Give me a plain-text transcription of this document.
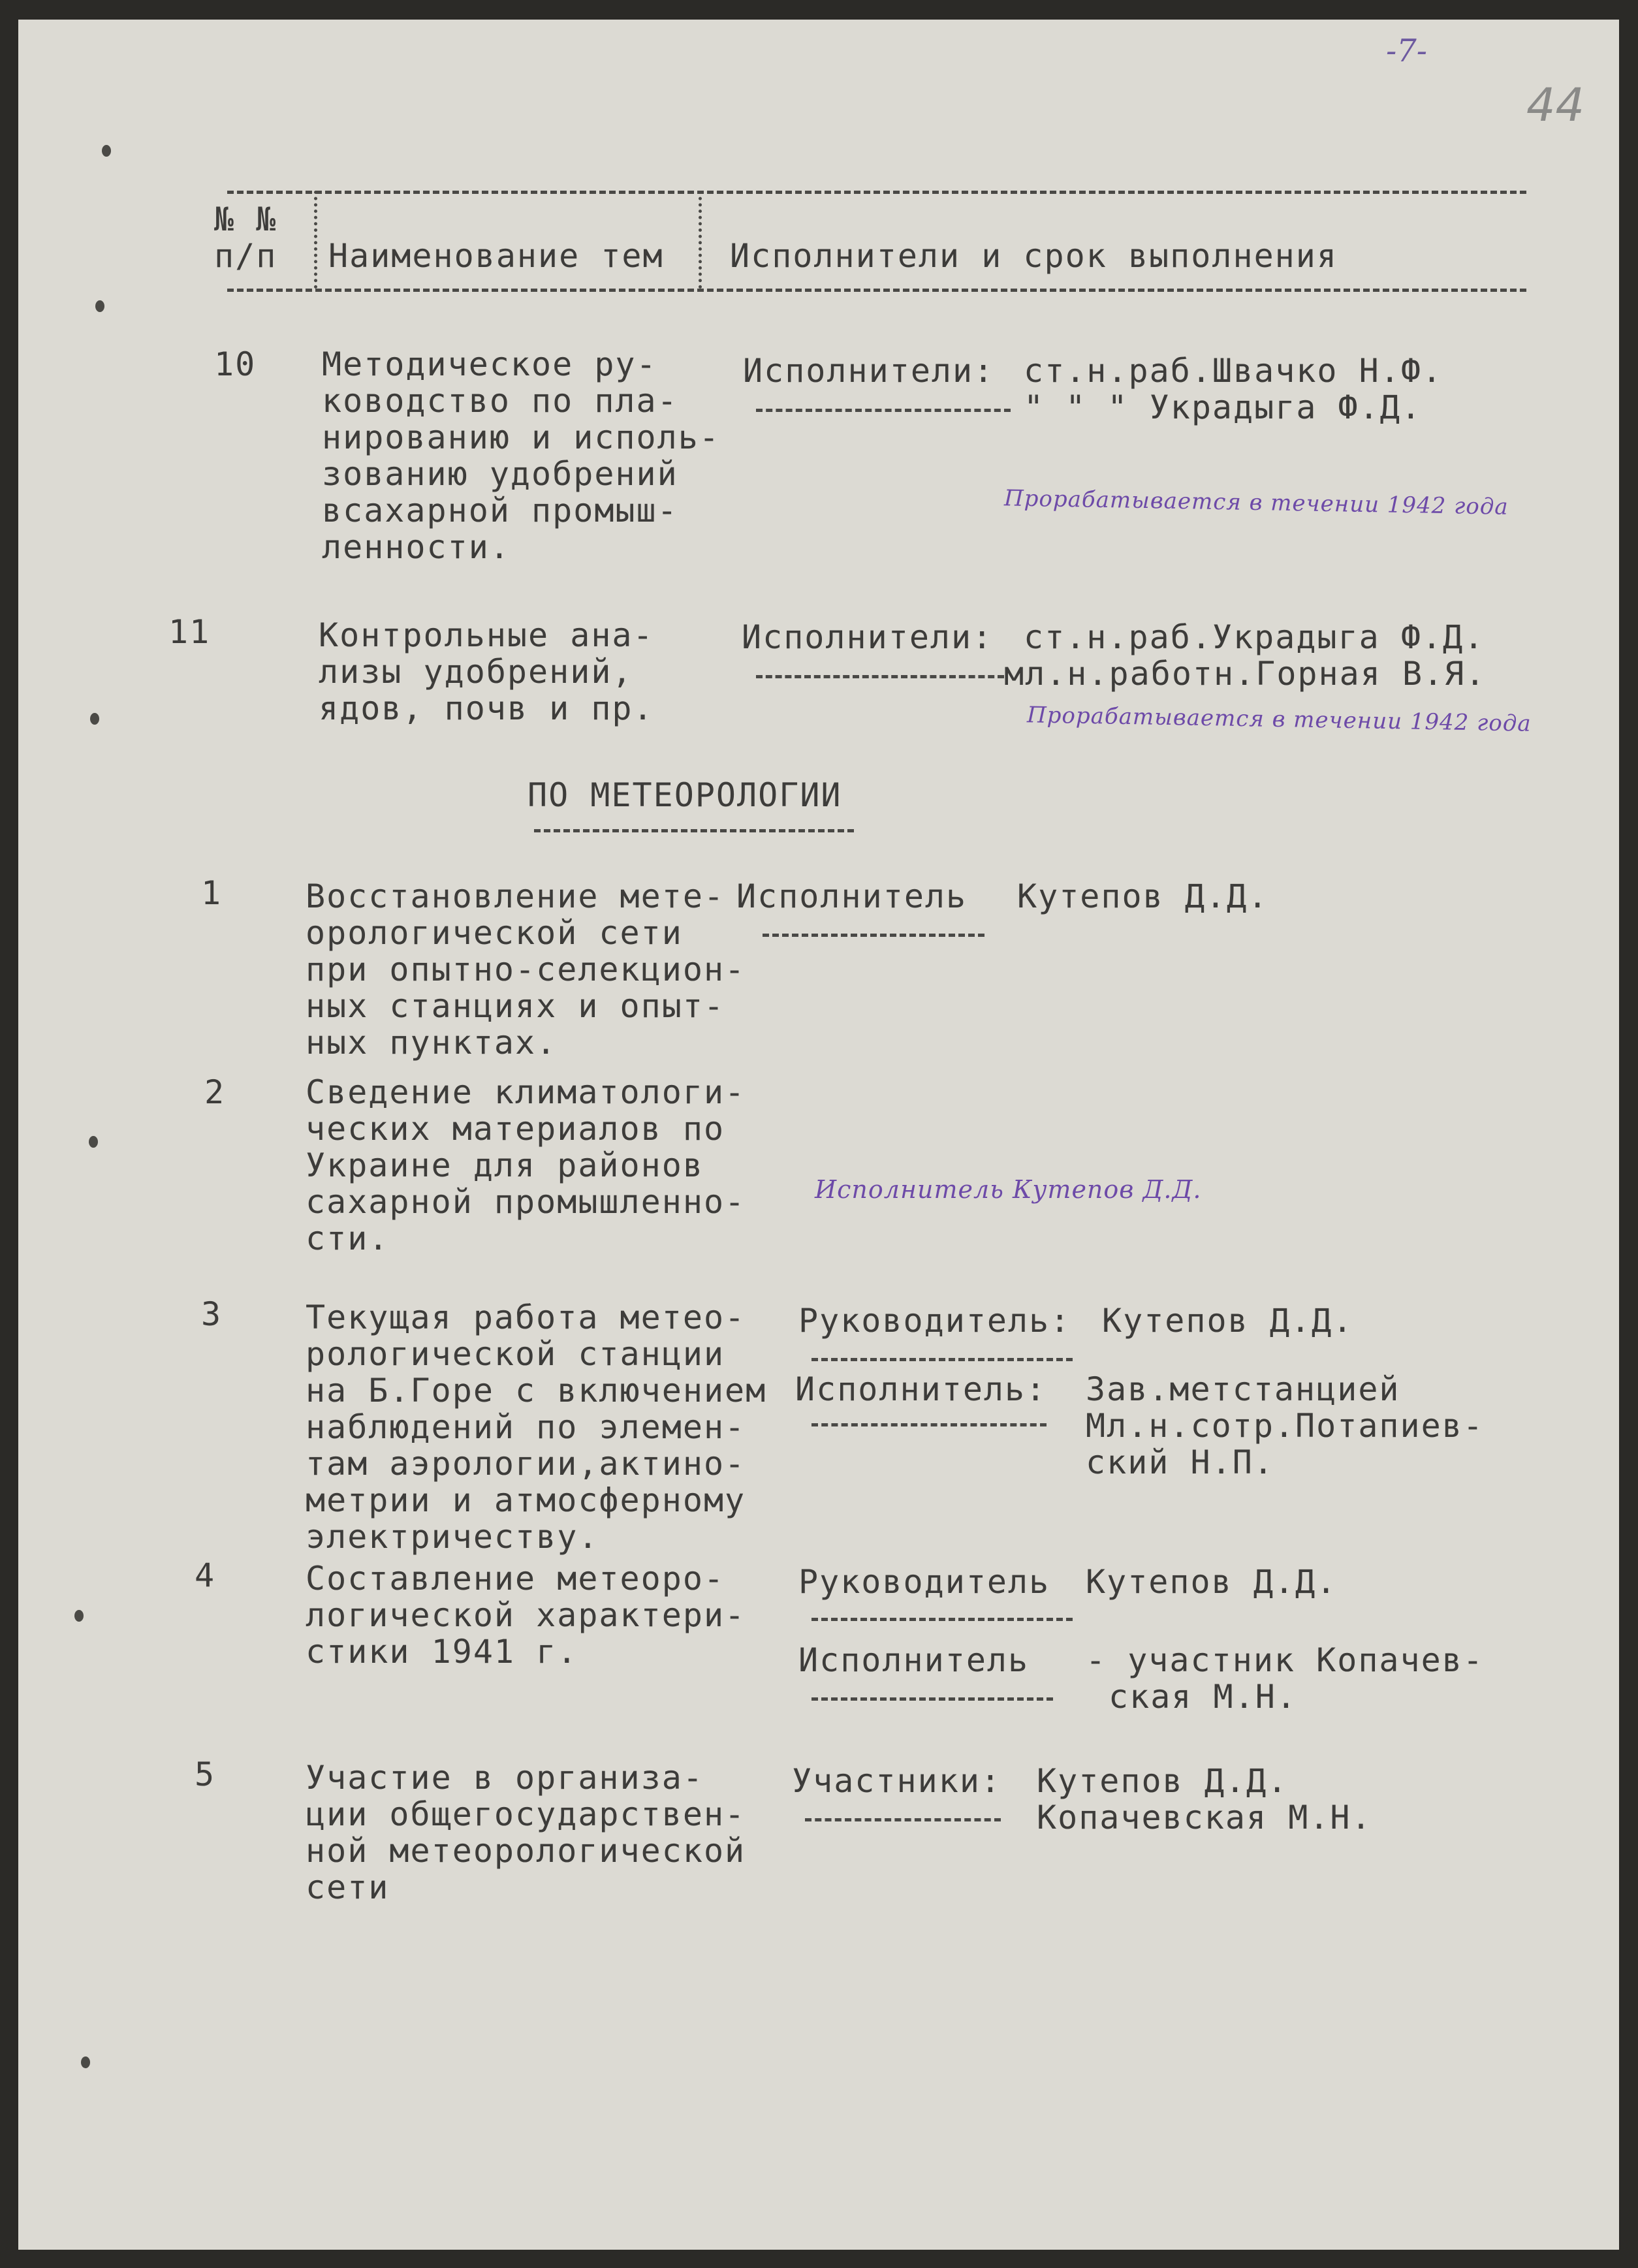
-7-
44
№ №
п/п Наименование тем Исполнители и срок выполнения
10 Методическое ру-
ководство по пла-
нированию и исполь-
зованию удобрений
всахарной промыш-
ленности.
Исполнители: ст.н.раб.Швачко Н.Ф.
" " " Украдыга Ф.Д.
Прорабатывается в течении 1942 года
11	Контрольные ана-
лизы удобрений,
ядов, почв и пр.
Исполнители: ст.н.раб.Украдыга Ф.Д.
мл.н.работн.Горная В.Я.
Прорабатывается в течении 1942 года
ПО МЕТЕОРОЛОГИИ
1	Восстановление мете-
орологической сети
при опытно-селекцион-
ных станциях и опыт-
ных пунктах.
Исполнитель Кутепов Д.Д.
2 Сведение климатологи-
ческих материалов по
Украине для районов
сахарной промышленно-
сти.
Исполнитель Кутепов Д.Д.
3	Текущая работа метео-
рологической станции
на Б.Горе с включением
наблюдений по элемен-
там аэрологии,актино-
метрии и атмосферному
электричеству.
Руководитель: Кутепов Д.Д.
Исполнитель: Зав.метстанцией
Мл.н.сотр.Потапиев-
ский Н.П.
4	Составление метеоро-
логической характери-
стики 1941 г.
Руководитель Кутепов Д.Д.
Исполнитель - участник Копачев-
ская М.Н.
5	Участие в организа-
ции общегосударствен-
ной метеорологической
сети
Участники: Кутепов Д.Д.
Копачевская М.Н.
